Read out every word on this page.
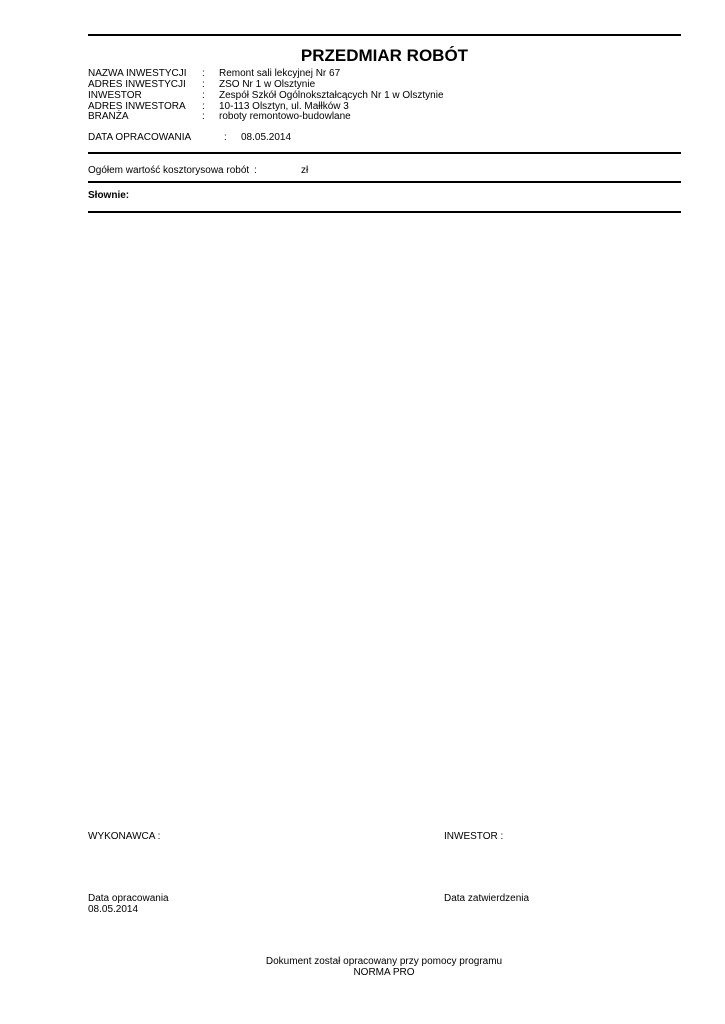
PRZEDMIAR ROBÓT
NAZWA INWESTYCJI : Remont sali lekcyjnej Nr 67
ADRES INWESTYCJI : ZSO Nr 1 w Olsztynie
INWESTOR	: Zespół Szkół Ogólnokształcących Nr 1 w Olsztynie
ADRES INWESTORA : 10-113 Olsztyn, ul. Małłków 3
BRANŻA	: roboty remontowo-budowlane
DATA OPRACOWANIA	: 08.05.2014
Ogółem wartość kosztorysowa robót :	zł
Słownie:
WYKONAWCA :	INWESTOR :
Data opracowania
08.05.2014
Data zatwierdzenia
Dokument został opracowany przy pomocy programu
NORMA PRO
